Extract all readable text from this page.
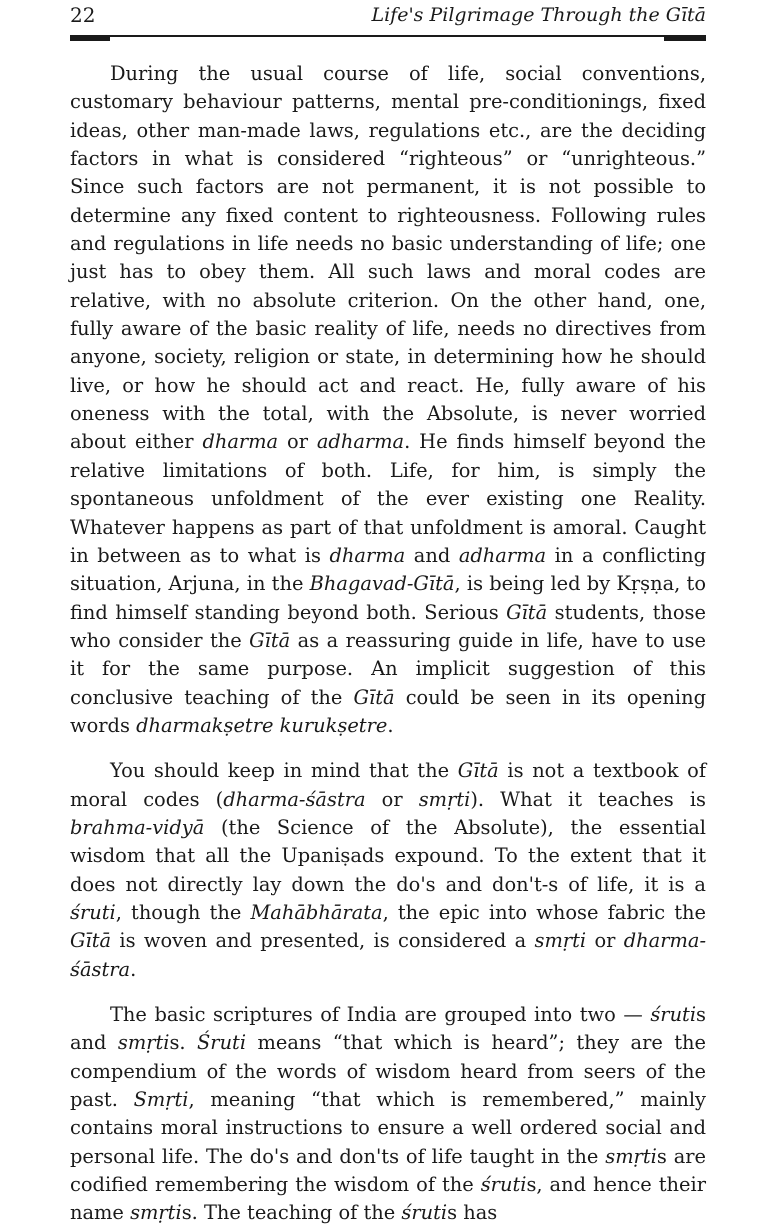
22	Life's Pilgrimage Through the Gītā

During the usual course of life, social conventions, customary behaviour patterns, mental pre-conditionings, fixed ideas, other man-made laws, regulations etc., are the deciding factors in what is considered “righteous” or “unrighteous.” Since such factors are not permanent, it is not possible to determine any fixed content to righteousness. Following rules and regulations in life needs no basic understanding of life; one just has to obey them. All such laws and moral codes are relative, with no absolute criterion. On the other hand, one, fully aware of the basic reality of life, needs no directives from anyone, society, religion or state, in determining how he should live, or how he should act and react. He, fully aware of his oneness with the total, with the Absolute, is never worried about either dharma or adharma. He finds himself beyond the relative limitations of both. Life, for him, is simply the spontaneous unfoldment of the ever existing one Reality. Whatever happens as part of that unfoldment is amoral. Caught in between as to what is dharma and adharma in a conflicting situation, Arjuna, in the Bhagavad-Gītā, is being led by Kṛṣṇa, to find himself standing beyond both. Serious Gītā students, those who consider the Gītā as a reassuring guide in life, have to use it for the same purpose. An implicit suggestion of this conclusive teaching of the Gītā could be seen in its opening words dharmakṣetre kurukṣetre.

You should keep in mind that the Gītā is not a textbook of moral codes (dharma-śāstra or smṛti). What it teaches is brahma-vidyā (the Science of the Absolute), the essential wisdom that all the Upaniṣads expound. To the extent that it does not directly lay down the do's and don't-s of life, it is a śruti, though the Mahābhārata, the epic into whose fabric the Gītā is woven and presented, is considered a smṛti or dharma-śāstra.

The basic scriptures of India are grouped into two — śrutis and smṛtis. Śruti means “that which is heard”; they are the compendium of the words of wisdom heard from seers of the past. Smṛti, meaning “that which is remembered,” mainly contains moral instructions to ensure a well ordered social and personal life. The do's and don'ts of life taught in the smṛtis are codified remembering the wisdom of the śrutis, and hence their name smṛtis. The teaching of the śrutis has
